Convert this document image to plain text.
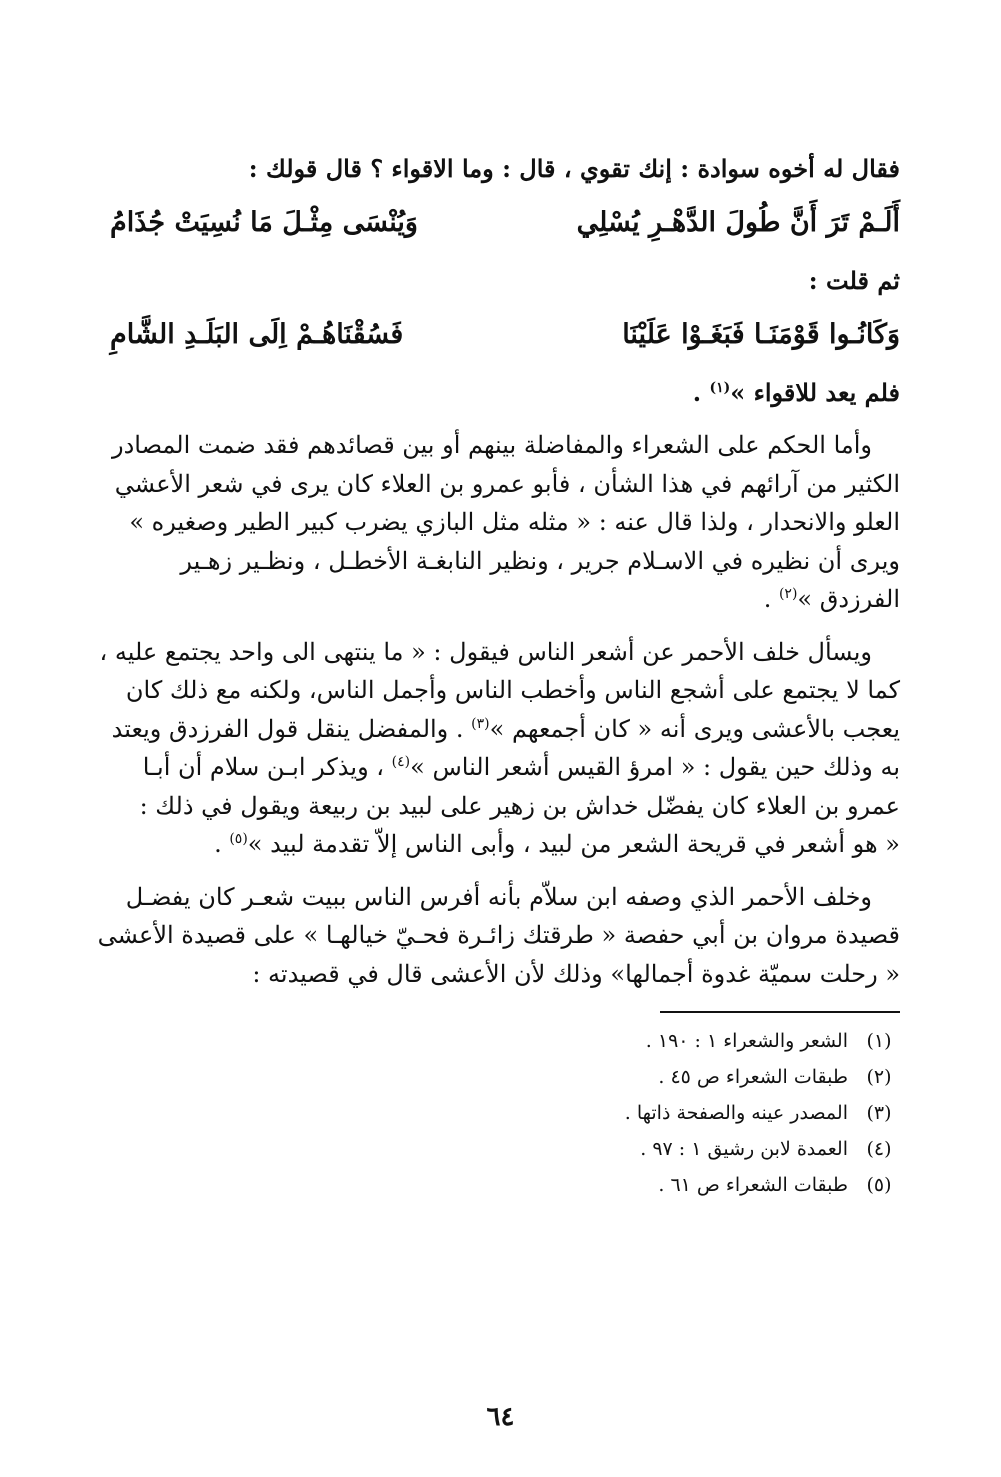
فقال له أخوه سوادة : إنك تقوي ، قال : وما الاقواء ؟ قال قولك :
أَلَـمْ تَرَ أَنَّ طُولَ الدَّهْـرِ يُسْلِي
وَيُنْسَى مِثْـلَ مَا نُسِيَتْ جُذَامُ
ثم قلت :
وَكَانُـوا قَوْمَنَـا فَبَغَـوْا عَلَيْنَا
فَسُقْنَاهُـمْ اِلَى البَلَـدِ الشَّامِ
فلم يعد للاقواء »$^{(١)}$ .
وأما الحكم على الشعراء والمفاضلة بينهم أو بين قصائدهم فقد ضمت المصادر
الكثير من آرائهم في هذا الشأن ، فأبو عمرو بن العلاء كان يرى في شعر الأعشي
العلو والانحدار ، ولذا قال عنه : « مثله مثل البازي يضرب كبير الطير وصغيره »
ويرى أن نظيره في الاسـلام جرير ، ونظير النابغـة الأخطـل ، ونظـير زهـير
الفرزدق »$^{(٢)}$ .
ويسأل خلف الأحمر عن أشعر الناس فيقول : « ما ينتهى الى واحد يجتمع عليه ،
كما لا يجتمع على أشجع الناس وأخطب الناس وأجمل الناس، ولكنه مع ذلك كان
يعجب بالأعشى ويرى أنه « كان أجمعهم »$^{(٣)}$ . والمفضل ينقل قول الفرزدق ويعتد
به وذلك حين يقول : « امرؤ القيس أشعر الناس »$^{(٤)}$ ، ويذكر ابـن سلام أن أبـا
عمرو بن العلاء كان يفضّل خداش بن زهير على لبيد بن ربيعة ويقول في ذلك :
« هو أشعر في قريحة الشعر من لبيد ، وأبى الناس إلاّ تقدمة لبيد »$^{(٥)}$ .
وخلف الأحمر الذي وصفه ابن سلاّم بأنه أفرس الناس ببيت شعـر كان يفضـل
قصيدة مروان بن أبي حفصة « طرقتك زائـرة فحـيّ خيالهـا » على قصيدة الأعشى
« رحلت سميّة غدوة أجمالها» وذلك لأن الأعشى قال في قصيدته :
(١)
الشعر والشعراء ١ : ١٩٠ .
(٢)
طبقات الشعراء ص ٤٥ .
(٣)
المصدر عينه والصفحة ذاتها .
(٤)
العمدة لابن رشيق ١ : ٩٧ .
(٥)
طبقات الشعراء ص ٦١ .
٦٤
